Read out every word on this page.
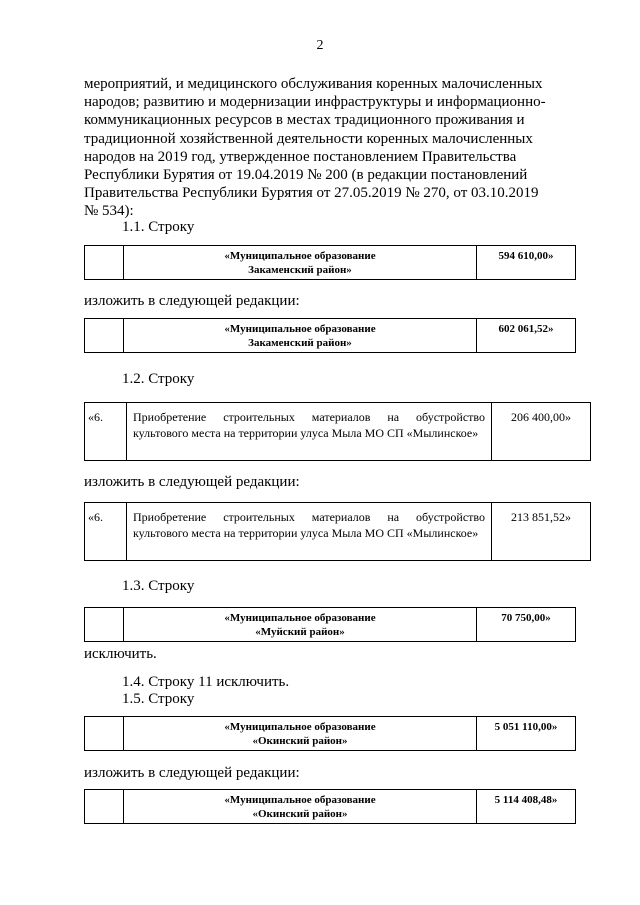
2
мероприятий, и медицинского обслуживания коренных малочисленных
народов; развитию и модернизации инфраструктуры и информационно-
коммуникационных ресурсов в местах традиционного проживания и
традиционной хозяйственной деятельности коренных малочисленных
народов на 2019 год, утвержденное постановлением Правительства
Республики Бурятия от 19.04.2019 № 200 (в редакции постановлений
Правительства Республики Бурятия от 27.05.2019 № 270, от 03.10.2019
№ 534):
1.1. Строку

«Муниципальное образование
Закаменский район»
	594 610,00»
изложить в следующей редакции:

«Муниципальное образование
Закаменский район»
	602 061,52»
1.2. Строку
«6.	Приобретение строительных материалов на обустройство культового места на территории улуса Мыла МО СП «Мылинское»	206 400,00»
изложить в следующей редакции:
«6.	Приобретение строительных материалов на обустройство культового места на территории улуса Мыла МО СП «Мылинское»	213 851,52»
1.3. Строку

«Муниципальное образование
«Муйский район»
	70 750,00»
исключить.
1.4. Строку 11 исключить.
1.5. Строку

«Муниципальное образование
«Окинский район»
	5 051 110,00»
изложить в следующей редакции:

«Муниципальное образование
«Окинский район»
	5 114 408,48»
